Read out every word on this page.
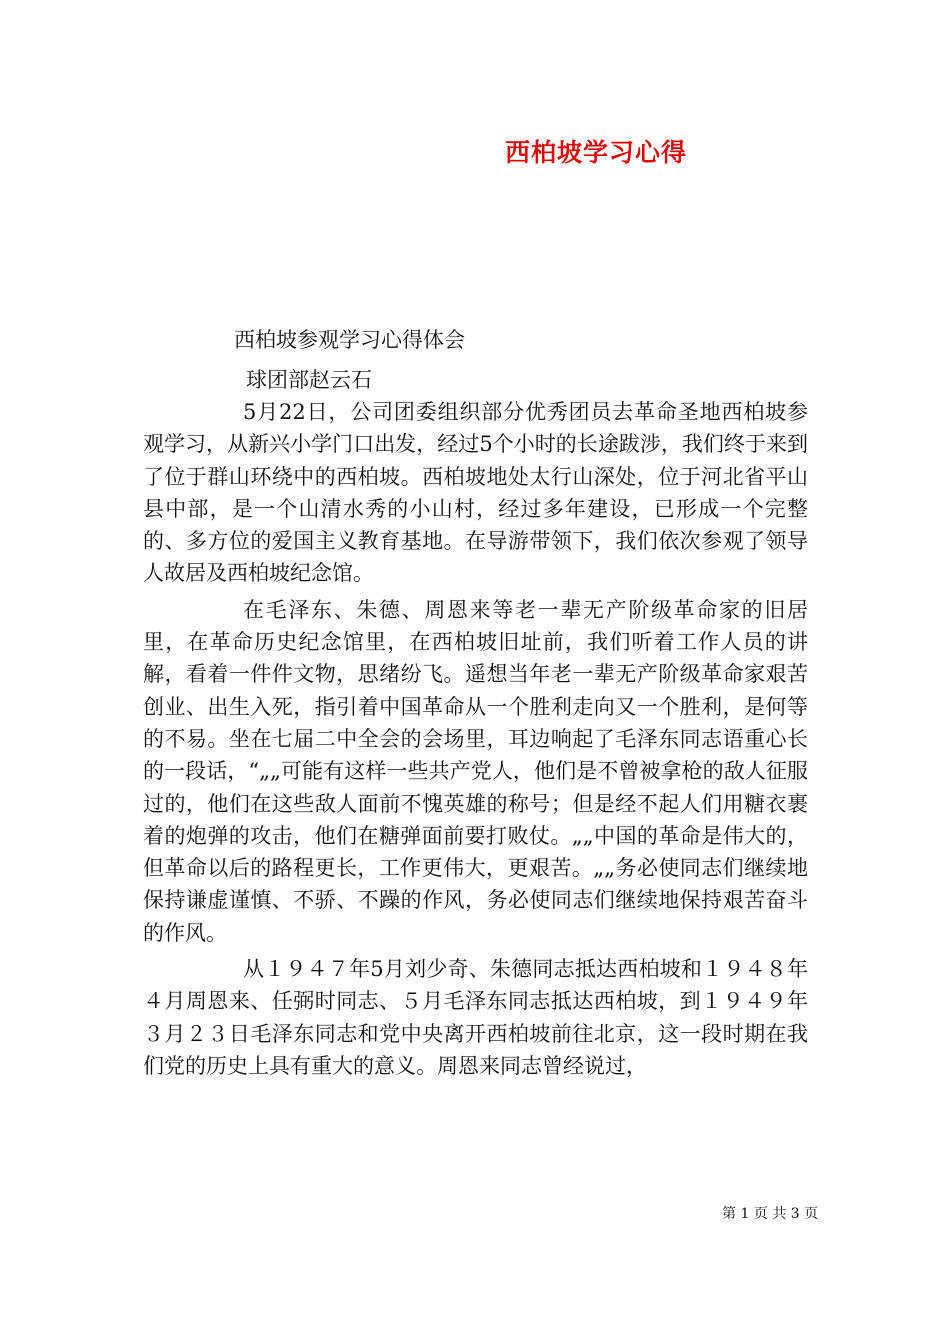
西柏坡学习心得
西柏坡参观学习心得体会
球团部赵云石

5月22日，公司团委组织部分优秀团员去革命圣地西柏坡参观学习，从新兴小学门口出发，经过5个小时的长途跋涉，我们终于来到了位于群山环绕中的西柏坡。西柏坡地处太行山深处，位于河北省平山县中部，是一个山清水秀的小山村，经过多年建设，已形成一个完整的、多方位的爱国主义教育基地。在导游带领下，我们依次参观了领导人故居及西柏坡纪念馆。

在毛泽东、朱德、周恩来等老一辈无产阶级革命家的旧居里，在革命历史纪念馆里，在西柏坡旧址前，我们听着工作人员的讲解，看着一件件文物，思绪纷飞。遥想当年老一辈无产阶级革命家艰苦创业、出生入死，指引着中国革命从一个胜利走向又一个胜利，是何等的不易。坐在七届二中全会的会场里，耳边响起了毛泽东同志语重心长的一段话，“„„可能有这样一些共产党人，他们是不曾被拿枪的敌人征服过的，他们在这些敌人面前不愧英雄的称号；但是经不起人们用糖衣裹着的炮弹的攻击，他们在糖弹面前要打败仗。„„中国的革命是伟大的，但革命以后的路程更长，工作更伟大，更艰苦。„„务必使同志们继续地保持谦虚谨慎、不骄、不躁的作风，务必使同志们继续地保持艰苦奋斗的作风。

从１９４７年5月刘少奇、朱德同志抵达西柏坡和１９４８年４月周恩来、任弼时同志、５月毛泽东同志抵达西柏坡，到１９４９年３月２３日毛泽东同志和党中央离开西柏坡前往北京，这一段时期在我们党的历史上具有重大的意义。周恩来同志曾经说过，

第 1 页 共 3 页
